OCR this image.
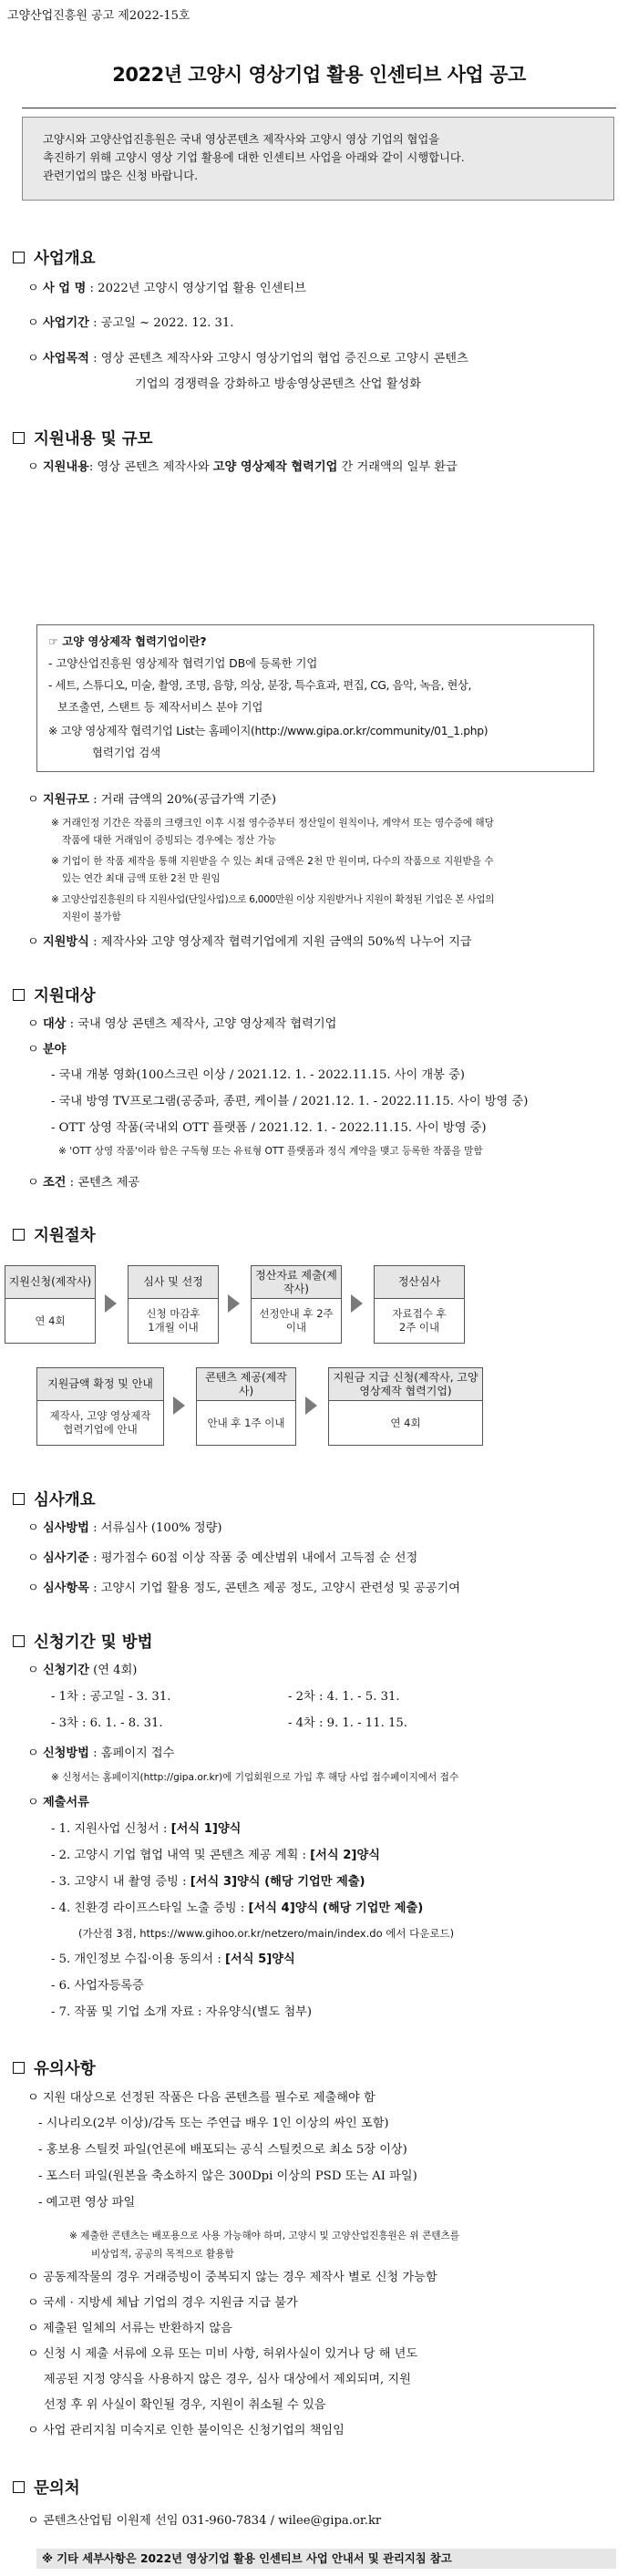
고양산업진흥원 공고 제2022-15호
2022년 고양시 영상기업 활용 인센티브 사업 공고
고양시와 고양산업진흥원은 국내 영상콘텐츠 제작사와 고양시 영상 기업의 협업을
촉진하기 위해 고양시 영상 기업 활용에 대한 인센티브 사업을 아래와 같이 시행합니다.
관련기업의 많은 신청 바랍니다.
사업개요
ㅇ 사 업 명 : 2022년 고양시 영상기업 활용 인센티브
ㅇ 사업기간 : 공고일 ~ 2022. 12. 31.
ㅇ 사업목적 : 영상 콘텐츠 제작사와 고양시 영상기업의 협업 증진으로 고양시 콘텐츠
기업의 경쟁력을 강화하고 방송영상콘텐츠 산업 활성화
지원내용 및 규모
ㅇ 지원내용: 영상 콘텐츠 제작사와 고양 영상제작 협력기업 간 거래액의 일부 환급
☞ 고양 영상제작 협력기업이란?
- 고양산업진흥원 영상제작 협력기업 DB에 등록한 기업
- 세트, 스튜디오, 미술, 촬영, 조명, 음향, 의상, 분장, 특수효과, 편집, CG, 음악, 녹음, 현상,
보조출연, 스탠트 등 제작서비스 분야 기업
※ 고양 영상제작 협력기업 List는 홈페이지(http://www.gipa.or.kr/community/01_1.php)
협력기업 검색
ㅇ 지원규모 : 거래 금액의 20%(공급가액 기준)
※ 거래인정 기간은 작품의 크랭크인 이후 시점 영수증부터 정산일이 원칙이나, 계약서 또는 영수증에 해당
작품에 대한 거래임이 증빙되는 경우에는 정산 가능
※ 기업이 한 작품 제작을 통해 지원받을 수 있는 최대 금액은 2천 만 원이며, 다수의 작품으로 지원받을 수
있는 연간 최대 금액 또한 2천 만 원임
※ 고양산업진흥원의 타 지원사업(단일사업)으로 6,000만원 이상 지원받거나 지원이 확정된 기업은 본 사업의
지원이 불가함
ㅇ 지원방식 : 제작사와 고양 영상제작 협력기업에게 지원 금액의 50%씩 나누어 지급
지원대상
ㅇ 대상 : 국내 영상 콘텐츠 제작사, 고양 영상제작 협력기업
ㅇ 분야
- 국내 개봉 영화(100스크린 이상 / 2021.12. 1. - 2022.11.15. 사이 개봉 중)
- 국내 방영 TV프로그램(공중파, 종편, 케이블 / 2021.12. 1. - 2022.11.15. 사이 방영 중)
- OTT 상영 작품(국내외 OTT 플랫폼 / 2021.12. 1. - 2022.11.15. 사이 방영 중)
※ 'OTT 상영 작품'이라 함은 구독형 또는 유료형 OTT 플랫폼과 정식 계약을 맺고 등록한 작품을 말함
ㅇ 조건 : 콘텐츠 제공
지원절차
지원신청(제작사)
연 4회
심사 및 선정
신청 마감후
1개월 이내
정산자료 제출(제작사)
선정안내 후 2주
이내
정산심사
자료접수 후
2주 이내
지원금액 확정 및 안내
제작사, 고양 영상제작
협력기업에 안내
콘텐츠 제공(제작사)
안내 후 1주 이내
지원금 지급 신청(제작사, 고양 영상제작 협력기업)
연 4회
심사개요
ㅇ 심사방법 : 서류심사 (100% 정량)
ㅇ 심사기준 : 평가점수 60점 이상 작품 중 예산범위 내에서 고득점 순 선정
ㅇ 심사항목 : 고양시 기업 활용 정도, 콘텐츠 제공 정도, 고양시 관련성 및 공공기여
신청기간 및 방법
ㅇ 신청기간 (연 4회)
- 1차 : 공고일 - 3. 31.	- 2차 : 4. 1. - 5. 31.
- 3차 : 6. 1. - 8. 31.	- 4차 : 9. 1. - 11. 15.
ㅇ 신청방법 : 홈페이지 접수
※ 신청서는 홈페이지(http://gipa.or.kr)에 기업회원으로 가입 후 해당 사업 접수페이지에서 접수
ㅇ 제출서류
- 1. 지원사업 신청서 : [서식 1]양식
- 2. 고양시 기업 협업 내역 및 콘텐츠 제공 계획 : [서식 2]양식
- 3. 고양시 내 촬영 증빙 : [서식 3]양식 (해당 기업만 제출)
- 4. 친환경 라이프스타일 노출 증빙 : [서식 4]양식 (해당 기업만 제출)
(가산점 3점, https://www.gihoo.or.kr/netzero/main/index.do 에서 다운로드)
- 5. 개인정보 수집·이용 동의서 : [서식 5]양식
- 6. 사업자등록증
- 7. 작품 및 기업 소개 자료 : 자유양식(별도 첨부)
유의사항
ㅇ 지원 대상으로 선정된 작품은 다음 콘텐츠를 필수로 제출해야 함
- 시나리오(2부 이상)/감독 또는 주연급 배우 1인 이상의 싸인 포함)
- 홍보용 스틸컷 파일(언론에 배포되는 공식 스틸컷으로 최소 5장 이상)
- 포스터 파일(원본을 축소하지 않은 300Dpi 이상의 PSD 또는 AI 파일)
- 예고편 영상 파일
※ 제출한 콘텐츠는 배포용으로 사용 가능해야 하며, 고양시 및 고양산업진흥원은 위 콘텐츠를
비상업적, 공공의 목적으로 활용함
ㅇ 공동제작물의 경우 거래증빙이 중복되지 않는 경우 제작사 별로 신청 가능함
ㅇ 국세 · 지방세 체납 기업의 경우 지원금 지급 불가
ㅇ 제출된 일체의 서류는 반환하지 않음
ㅇ 신청 시 제출 서류에 오류 또는 미비 사항, 허위사실이 있거나 당 해 년도
제공된 지정 양식을 사용하지 않은 경우, 심사 대상에서 제외되며, 지원
선정 후 위 사실이 확인될 경우, 지원이 취소될 수 있음
ㅇ 사업 관리지침 미숙지로 인한 불이익은 신청기업의 책임임
문의처
ㅇ 콘텐츠산업팀 이원제 선임 031-960-7834 / wilee@gipa.or.kr
※ 기타 세부사항은 2022년 영상기업 활용 인센티브 사업 안내서 및 관리지침 참고
